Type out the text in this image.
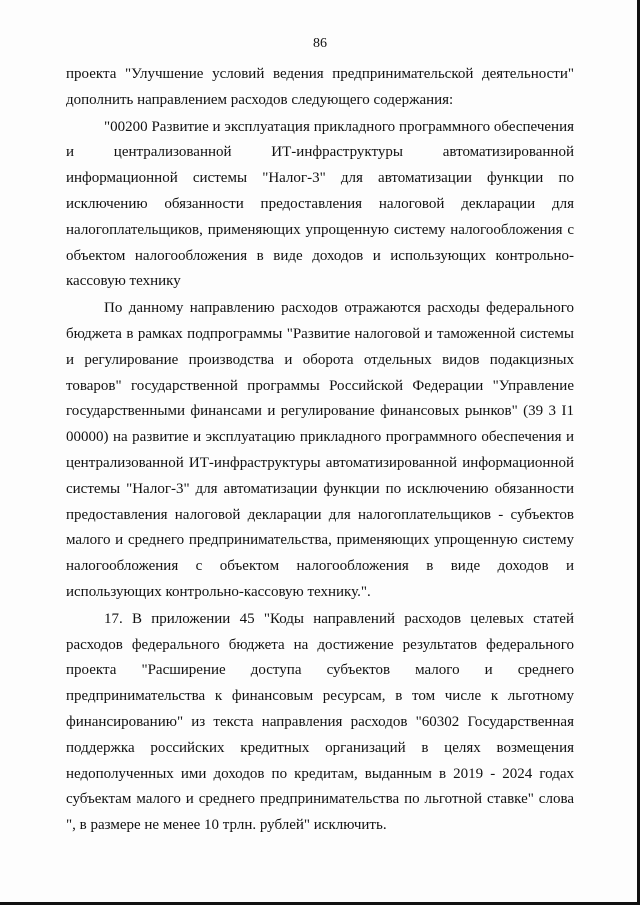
86

проекта "Улучшение условий ведения предпринимательской деятельности" дополнить направлением расходов следующего содержания:

"00200 Развитие и эксплуатация прикладного программного обеспечения и централизованной ИТ-инфраструктуры автоматизированной информационной системы "Налог-3" для автоматизации функции по исключению обязанности предоставления налоговой декларации для налогоплательщиков, применяющих упрощенную систему налогообложения с объектом налогообложения в виде доходов и использующих контрольно-кассовую технику

По данному направлению расходов отражаются расходы федерального бюджета в рамках подпрограммы "Развитие налоговой и таможенной системы и регулирование производства и оборота отдельных видов подакцизных товаров" государственной программы Российской Федерации "Управление государственными финансами и регулирование финансовых рынков" (39 3 I1 00000) на развитие и эксплуатацию прикладного программного обеспечения и централизованной ИТ-инфраструктуры автоматизированной информационной системы "Налог-3" для автоматизации функции по исключению обязанности предоставления налоговой декларации для налогоплательщиков - субъектов малого и среднего предпринимательства, применяющих упрощенную систему налогообложения с объектом налогообложения в виде доходов и использующих контрольно-кассовую технику.".

17. В приложении 45 "Коды направлений расходов целевых статей расходов федерального бюджета на достижение результатов федерального проекта "Расширение доступа субъектов малого и среднего предпринимательства к финансовым ресурсам, в том числе к льготному финансированию" из текста направления расходов "60302 Государственная поддержка российских кредитных организаций в целях возмещения недополученных ими доходов по кредитам, выданным в 2019 - 2024 годах субъектам малого и среднего предпринимательства по льготной ставке" слова ", в размере не менее 10 трлн. рублей" исключить.
